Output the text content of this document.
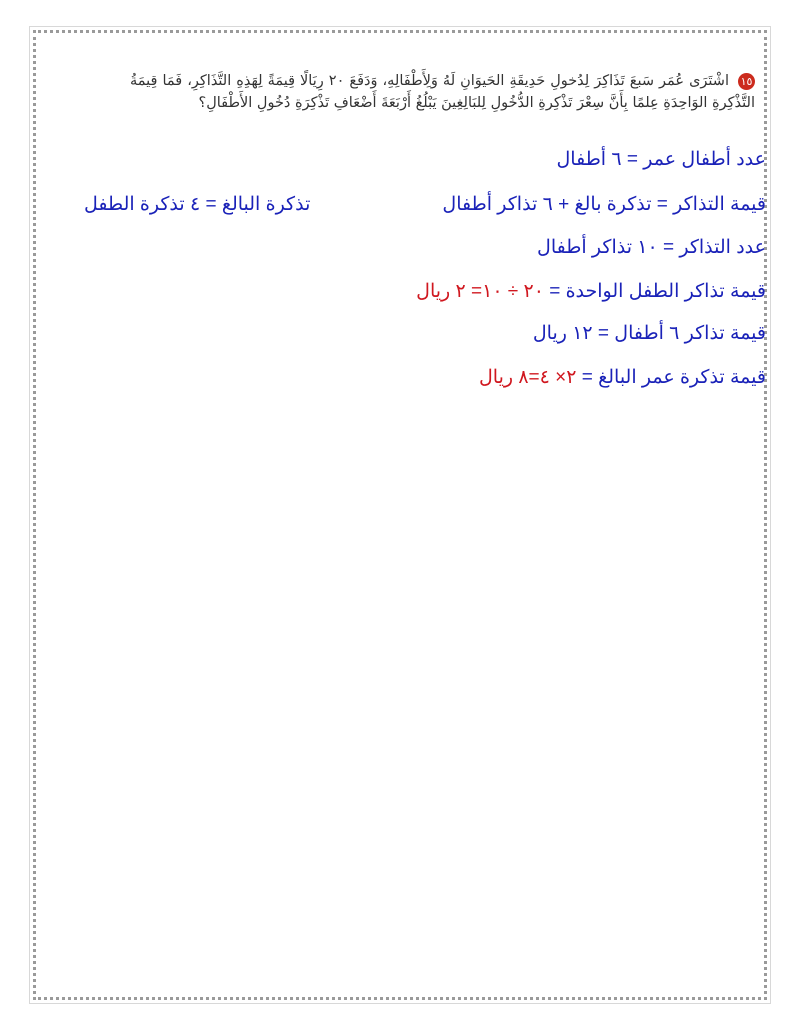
١٥ اشْتَرَى عُمَر سَبعَ تَذَاكِرَ لِدُخولِ حَدِيقَةِ الحَيوَانِ لَهُ وَلِأَطْفَالِهِ، وَدَفَعَ ٢٠ رِيَالًا قِيمَةً لِهَذِهِ التَّذَاكِرِ، فَمَا قِيمَةُ التَّذْكِرةِ الوَاحِدَةِ عِلمًا بِأَنَّ سِعْرَ تَذْكِرةِ الدُّخُولِ لِلبَالِغِينَ يَبْلُغُ أَرْبَعَةَ أَضْعَافِ تَذْكِرَةِ دُخُولِ الأَطْفَالِ؟
عدد أطفال عمر = ٦ أطفال
قيمة التذاكر = تذكرة بالغ + ٦ تذاكر أطفال
تذكرة البالغ = ٤ تذكرة الطفل
عدد التذاكر = ١٠ تذاكر أطفال
قيمة تذاكر الطفل الواحدة = ٢٠ ÷ ١٠= ٢ ريال
قيمة تذاكر ٦ أطفال = ١٢ ريال
قيمة تذكرة عمر البالغ = ٢× ٤=٨ ريال
